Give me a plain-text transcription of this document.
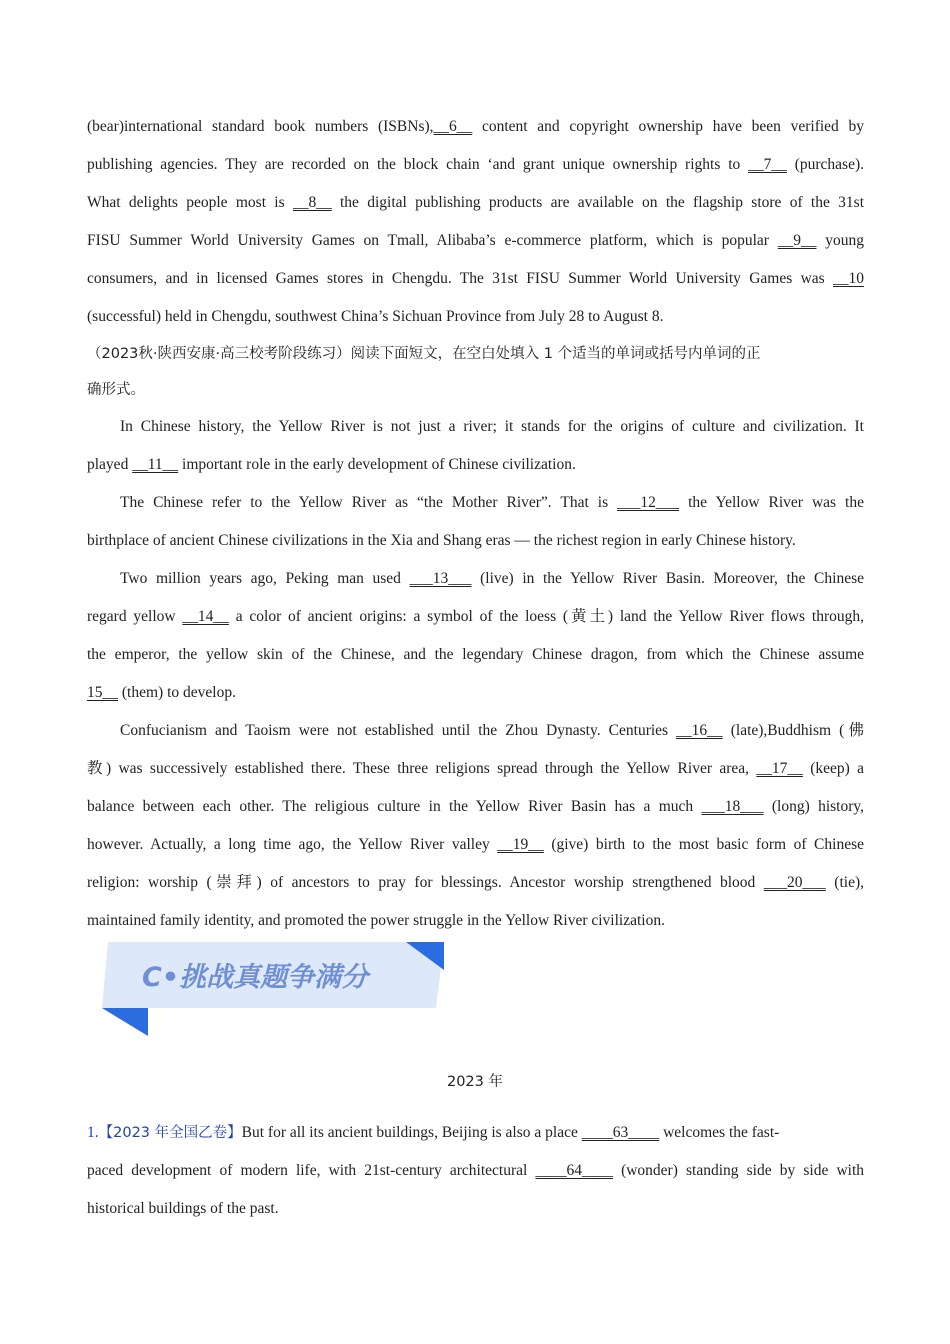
(bear)international standard book numbers (ISBNs),__6__ content and copyright ownership have been verified by
publishing agencies. They are recorded on the block chain ‘and grant unique ownership rights to __7__ (purchase).
What delights people most is __8__ the digital publishing products are available on the flagship store of the 31st
FISU Summer World University Games on Tmall, Alibaba’s e-commerce platform, which is popular __9__ young
consumers, and in licensed Games stores in Chengdu. The 31st FISU Summer World University Games was __10
(successful) held in Chengdu, southwest China’s Sichuan Province from July 28 to August 8.
（2023秋·陕西安康·高三校考阶段练习）阅读下面短文，在空白处填入 1 个适当的单词或括号内单词的正
确形式。
In Chinese history, the Yellow River is not just a river; it stands for the origins of culture and civilization. It
played __11__ important role in the early development of Chinese civilization.
The Chinese refer to the Yellow River as “the Mother River”. That is ___12___ the Yellow River was the
birthplace of ancient Chinese civilizations in the Xia and Shang eras — the richest region in early Chinese history.
Two million years ago, Peking man used ___13___ (live) in the Yellow River Basin. Moreover, the Chinese
regard yellow __14__ a color of ancient origins: a symbol of the loess (黄土) land the Yellow River flows through,
the emperor, the yellow skin of the Chinese, and the legendary Chinese dragon, from which the Chinese assume
15__ (them) to develop.
Confucianism and Taoism were not established until the Zhou Dynasty. Centuries __16__ (late),Buddhism (佛
教) was successively established there. These three religions spread through the Yellow River area, __17__ (keep) a
balance between each other. The religious culture in the Yellow River Basin has a much ___18___ (long) history,
however. Actually, a long time ago, the Yellow River valley __19__ (give) birth to the most basic form of Chinese
religion: worship (崇拜) of ancestors to pray for blessings. Ancestor worship strengthened blood ___20___ (tie),
maintained family identity, and promoted the power struggle in the Yellow River civilization.
C•挑战真题争满分
2023 年
1.【2023 年全国乙卷】But for all its ancient buildings, Beijing is also a place ____63____ welcomes the fast-
paced development of modern life, with 21st-century architectural ____64____ (wonder) standing side by side with
historical buildings of the past.
